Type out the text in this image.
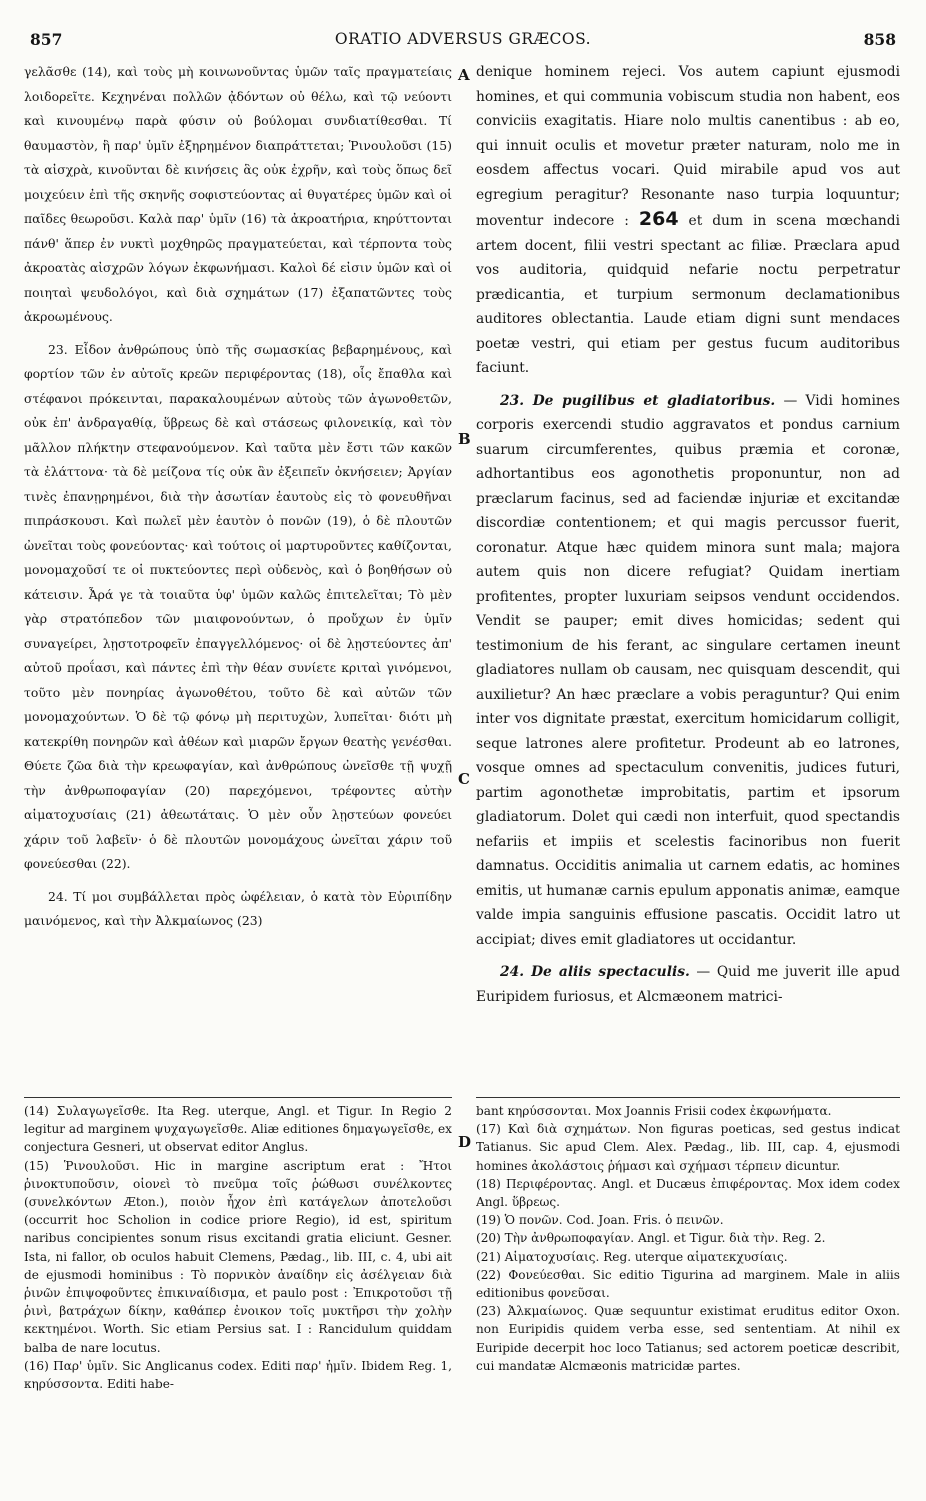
857	ORATIO ADVERSUS GRÆCOS.	858

γελᾶσθε (14), καὶ τοὺς μὴ κοινωνοῦντας ὑμῶν ταῖς πραγματείαις λοιδορεῖτε. Κεχηνέναι πολλῶν ᾀδόντων οὐ θέλω, καὶ τῷ νεύοντι καὶ κινουμένῳ παρὰ φύσιν οὐ βούλομαι συνδιατίθεσθαι. Τί θαυμαστὸν, ἣ παρ' ὑμῖν ἐξηρημένον διαπράττεται; Ῥινουλοῦσι (15) τὰ αἰσχρὰ, κινοῦνται δὲ κινήσεις ἃς οὐκ ἐχρῆν, καὶ τοὺς ὅπως δεῖ μοιχεύειν ἐπὶ τῆς σκηνῆς σοφιστεύοντας αἱ θυγατέρες ὑμῶν καὶ οἱ παῖδες θεωροῦσι. Καλὰ παρ' ὑμῖν (16) τὰ ἀκροατήρια, κηρύττονται πάνθ' ἅπερ ἐν νυκτὶ μοχθηρῶς πραγματεύεται, καὶ τέρποντα τοὺς ἀκροατὰς αἰσχρῶν λόγων ἐκφωνήμασι. Καλοὶ δέ εἰσιν ὑμῶν καὶ οἱ ποιηταὶ ψευδολόγοι, καὶ διὰ σχημάτων (17) ἐξαπατῶντες τοὺς ἀκροωμένους.

23. Εἶδον ἀνθρώπους ὑπὸ τῆς σωμασκίας βεβαρημένους, καὶ φορτίον τῶν ἐν αὐτοῖς κρεῶν περιφέροντας (18), οἷς ἔπαθλα καὶ στέφανοι πρόκεινται, παρακαλουμένων αὐτοὺς τῶν ἀγωνοθετῶν, οὐκ ἐπ' ἀνδραγαθίᾳ, ὕβρεως δὲ καὶ στάσεως φιλονεικίᾳ, καὶ τὸν μᾶλλον πλήκτην στεφανούμενον. Καὶ ταῦτα μὲν ἔστι τῶν κακῶν τὰ ἐλάττονα· τὰ δὲ μείζονα τίς οὐκ ἂν ἐξειπεῖν ὀκνήσειεν; Ἀργίαν τινὲς ἐπανῃρημένοι, διὰ τὴν ἀσωτίαν ἑαυτοὺς εἰς τὸ φονευθῆναι πιπράσκουσι. Καὶ πωλεῖ μὲν ἑαυτὸν ὁ πονῶν (19), ὁ δὲ πλουτῶν ὠνεῖται τοὺς φονεύοντας· καὶ τούτοις οἱ μαρτυροῦντες καθίζονται, μονομαχοῦσί τε οἱ πυκτεύοντες περὶ οὐδενὸς, καὶ ὁ βοηθήσων οὐ κάτεισιν. Ἆρά γε τὰ τοιαῦτα ὑφ' ὑμῶν καλῶς ἐπιτελεῖται; Τὸ μὲν γὰρ στρατόπεδον τῶν μιαιφονούντων, ὁ προὔχων ἐν ὑμῖν συναγείρει, λῃστοτροφεῖν ἐπαγγελλόμενος· οἱ δὲ λῃστεύοντες ἀπ' αὐτοῦ προΐασι, καὶ πάντες ἐπὶ τὴν θέαν συνίετε κριταὶ γινόμενοι, τοῦτο μὲν πονηρίας ἀγωνοθέτου, τοῦτο δὲ καὶ αὐτῶν τῶν μονομαχούντων. Ὁ δὲ τῷ φόνῳ μὴ περιτυχὼν, λυπεῖται· διότι μὴ κατεκρίθη πονηρῶν καὶ ἀθέων καὶ μιαρῶν ἔργων θεατὴς γενέσθαι. Θύετε ζῶα διὰ τὴν κρεωφαγίαν, καὶ ἀνθρώπους ὠνεῖσθε τῇ ψυχῇ τὴν ἀνθρωποφαγίαν (20) παρεχόμενοι, τρέφοντες αὐτὴν αἱματοχυσίαις (21) ἀθεωτάταις. Ὁ μὲν οὖν λῃστεύων φονεύει χάριν τοῦ λαβεῖν· ὁ δὲ πλουτῶν μονομάχους ὠνεῖται χάριν τοῦ φονεύεσθαι (22).

24. Τί μοι συμβάλλεται πρὸς ὠφέλειαν, ὁ κατὰ τὸν Εὐριπίδην μαινόμενος, καὶ τὴν Ἀλκμαίωνος (23)

A
B
C
D

denique hominem rejeci. Vos autem capiunt ejusmodi homines, et qui communia vobiscum studia non habent, eos conviciis exagitatis. Hiare nolo multis canentibus : ab eo, qui innuit oculis et movetur præter naturam, nolo me in eosdem affectus vocari. Quid mirabile apud vos aut egregium peragitur? Resonante naso turpia loquuntur; moventur indecore : 264 et dum in scena mœchandi artem docent, filii vestri spectant ac filiæ. Præclara apud vos auditoria, quidquid nefarie noctu perpetratur prædicantia, et turpium sermonum declamationibus auditores oblectantia. Laude etiam digni sunt mendaces poetæ vestri, qui etiam per gestus fucum auditoribus faciunt.

23. De pugilibus et gladiatoribus. — Vidi homines corporis exercendi studio aggravatos et pondus carnium suarum circumferentes, quibus præmia et coronæ, adhortantibus eos agonothetis proponuntur, non ad præclarum facinus, sed ad faciendæ injuriæ et excitandæ discordiæ contentionem; et qui magis percussor fuerit, coronatur. Atque hæc quidem minora sunt mala; majora autem quis non dicere refugiat? Quidam inertiam profitentes, propter luxuriam seipsos vendunt occidendos. Vendit se pauper; emit dives homicidas; sedent qui testimonium de his ferant, ac singulare certamen ineunt gladiatores nullam ob causam, nec quisquam descendit, qui auxilietur? An hæc præclare a vobis peraguntur? Qui enim inter vos dignitate præstat, exercitum homicidarum colligit, seque latrones alere profitetur. Prodeunt ab eo latrones, vosque omnes ad spectaculum convenitis, judices futuri, partim agonothetæ improbitatis, partim et ipsorum gladiatorum. Dolet qui cædi non interfuit, quod spectandis nefariis et impiis et scelestis facinoribus non fuerit damnatus. Occiditis animalia ut carnem edatis, ac homines emitis, ut humanæ carnis epulum apponatis animæ, eamque valde impia sanguinis effusione pascatis. Occidit latro ut accipiat; dives emit gladiatores ut occidantur.

24. De aliis spectaculis. — Quid me juverit ille apud Euripidem furiosus, et Alcmæonem matrici-

(14) Συλαγωγεῖσθε. Ita Reg. uterque, Angl. et Tigur. In Regio 2 legitur ad marginem ψυχαγωγεῖσθε. Aliæ editiones δημαγωγεῖσθε, ex conjectura Gesneri, ut observat editor Anglus.

(15) Ῥινουλοῦσι. Hic in margine ascriptum erat : Ἤτοι ῥινοκτυποῦσιν, οἱονεὶ τὸ πνεῦμα τοῖς ῥώθωσι συνέλκοντες (συνελκόντων Æton.), ποιὸν ἦχον ἐπὶ κατάγελων ἀποτελοῦσι (occurrit hoc Scholion in codice priore Regio), id est, spiritum naribus concipientes sonum risus excitandi gratia eliciunt. Gesner. Ista, ni fallor, ob oculos habuit Clemens, Pædag., lib. III, c. 4, ubi ait de ejusmodi hominibus : Τὸ πορνικὸν ἀναίδην εἰς ἀσέλγειαν διὰ ῥινῶν ἐπιψοφοῦντες ἐπικιναίδισμα, et paulo post : Ἐπικροτοῦσι τῇ ῥινὶ, βατράχων δίκην, καθάπερ ἐνοικον τοῖς μυκτῆρσι τὴν χολὴν κεκτημένοι. Worth. Sic etiam Persius sat. I : Rancidulum quiddam balba de nare locutus.

(16) Παρ' ὑμῖν. Sic Anglicanus codex. Editi παρ' ἡμῖν. Ibidem Reg. 1, κηρύσσοντα. Editi habe-

bant κηρύσσονται. Mox Joannis Frisii codex ἐκφωνήματα.

(17) Καὶ διὰ σχημάτων. Non figuras poeticas, sed gestus indicat Tatianus. Sic apud Clem. Alex. Pædag., lib. III, cap. 4, ejusmodi homines ἀκολάστοις ῥήμασι καὶ σχήμασι τέρπειν dicuntur.

(18) Περιφέροντας. Angl. et Ducæus ἐπιφέροντας. Mox idem codex Angl. ὕβρεως.

(19) Ὁ πονῶν. Cod. Joan. Fris. ὁ πεινῶν.

(20) Τὴν ἀνθρωποφαγίαν. Angl. et Tigur. διὰ τὴν. Reg. 2.

(21) Αἱματοχυσίαις. Reg. uterque αἱματεκχυσίαις.

(22) Φονεύεσθαι. Sic editio Tigurina ad marginem. Male in aliis editionibus φονεῦσαι.

(23) Ἀλκμαίωνος. Quæ sequuntur existimat eruditus editor Oxon. non Euripidis quidem verba esse, sed sententiam. At nihil ex Euripide decerpit hoc loco Tatianus; sed actorem poeticæ describit, cui mandatæ Alcmæonis matricidæ partes.
